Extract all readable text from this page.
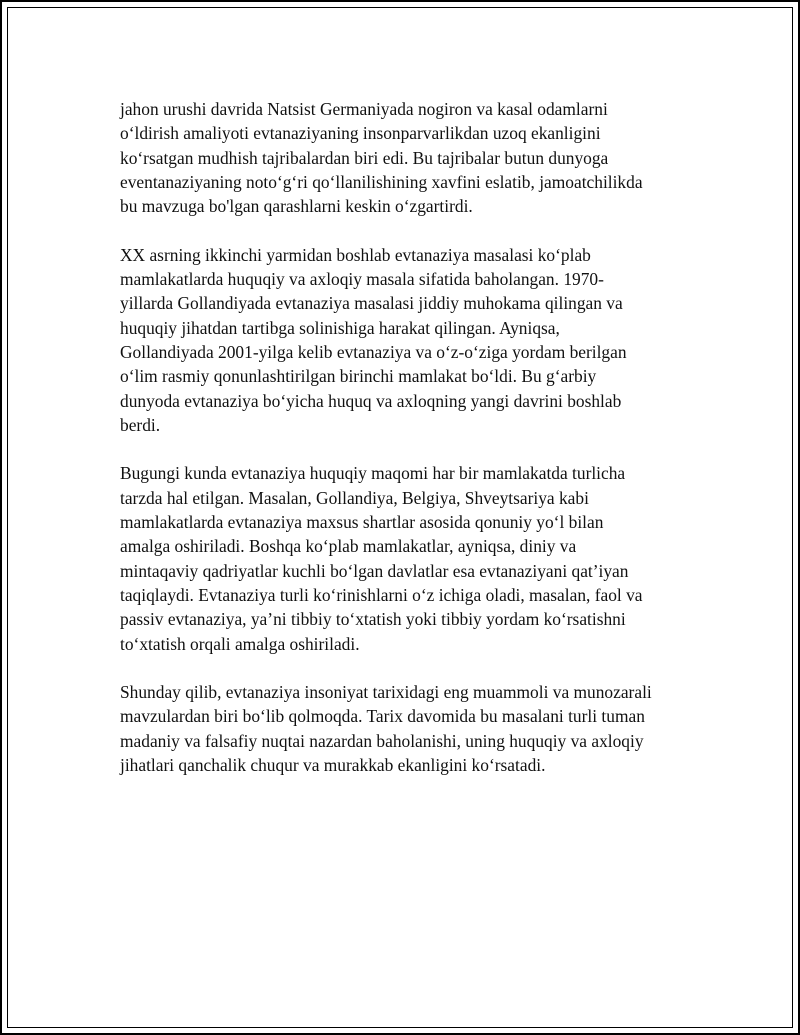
jahon urushi davrida Natsist Germaniyada nogiron va kasal odamlarni
o‘ldirish amaliyoti evtanaziyaning insonparvarlikdan uzoq ekanligini
ko‘rsatgan mudhish tajribalardan biri edi. Bu tajribalar butun dunyoga
eventanaziyaning noto‘g‘ri qo‘llanilishining xavfini eslatib, jamoatchilikda
bu mavzuga bo'lgan qarashlarni keskin o‘zgartirdi.

XX asrning ikkinchi yarmidan boshlab evtanaziya masalasi ko‘plab
mamlakatlarda huquqiy va axloqiy masala sifatida baholangan. 1970-
yillarda Gollandiyada evtanaziya masalasi jiddiy muhokama qilingan va
huquqiy jihatdan tartibga solinishiga harakat qilingan. Ayniqsa,
Gollandiyada 2001-yilga kelib evtanaziya va o‘z-o‘ziga yordam berilgan
o‘lim rasmiy qonunlashtirilgan birinchi mamlakat bo‘ldi. Bu g‘arbiy
dunyoda evtanaziya bo‘yicha huquq va axloqning yangi davrini boshlab
berdi.

Bugungi kunda evtanaziya huquqiy maqomi har bir mamlakatda turlicha
tarzda hal etilgan. Masalan, Gollandiya, Belgiya, Shveytsariya kabi
mamlakatlarda evtanaziya maxsus shartlar asosida qonuniy yo‘l bilan
amalga oshiriladi. Boshqa ko‘plab mamlakatlar, ayniqsa, diniy va
mintaqaviy qadriyatlar kuchli bo‘lgan davlatlar esa evtanaziyani qat’iyan
taqiqlaydi. Evtanaziya turli ko‘rinishlarni o‘z ichiga oladi, masalan, faol va
passiv evtanaziya, ya’ni tibbiy to‘xtatish yoki tibbiy yordam ko‘rsatishni
to‘xtatish orqali amalga oshiriladi.

Shunday qilib, evtanaziya insoniyat tarixidagi eng muammoli va munozarali
mavzulardan biri bo‘lib qolmoqda. Tarix davomida bu masalani turli tuman
madaniy va falsafiy nuqtai nazardan baholanishi, uning huquqiy va axloqiy
jihatlari qanchalik chuqur va murakkab ekanligini ko‘rsatadi.
